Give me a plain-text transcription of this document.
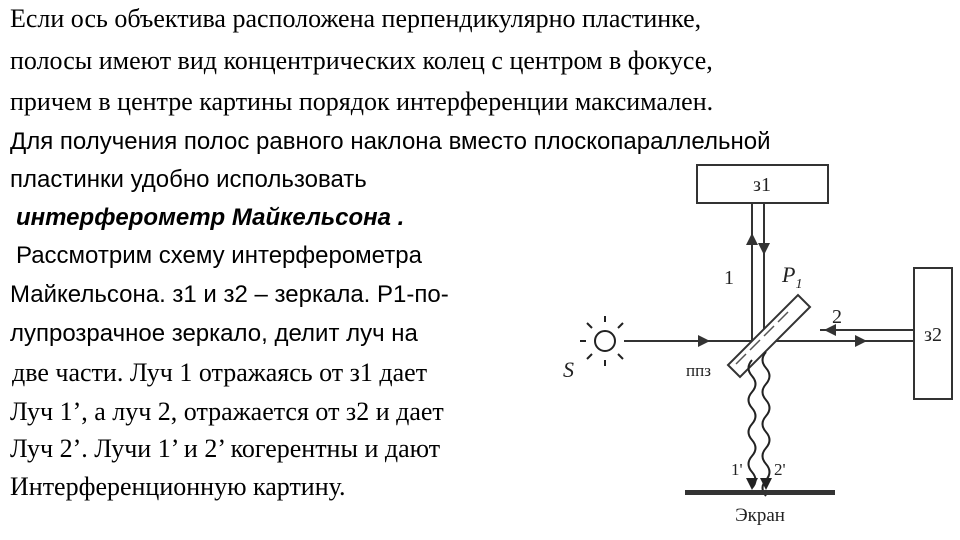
Если ось объектива расположена перпендикулярно пластинке,
полосы имеют вид концентрических колец с центром в фокусе,
причем в центре картины порядок интерференции максимален.
Для получения полос равного наклона вместо плоскопараллельной
пластинки удобно использовать
интерферометр Майкельсона .
Рассмотрим схему интерферометра
Майкельсона. з1 и з2 – зеркала. Р1-по-
лупрозрачное зеркало, делит луч на
две части. Луч 1 отражаясь от з1 дает
Луч 1’, а луч 2, отражается от з2 и дает
Луч 2’. Лучи 1’ и 2’ когерентны и дают
Интерференционную картину.
з1
з2
S
2
1 $P_1$
ппз
1' 2'
Экран
